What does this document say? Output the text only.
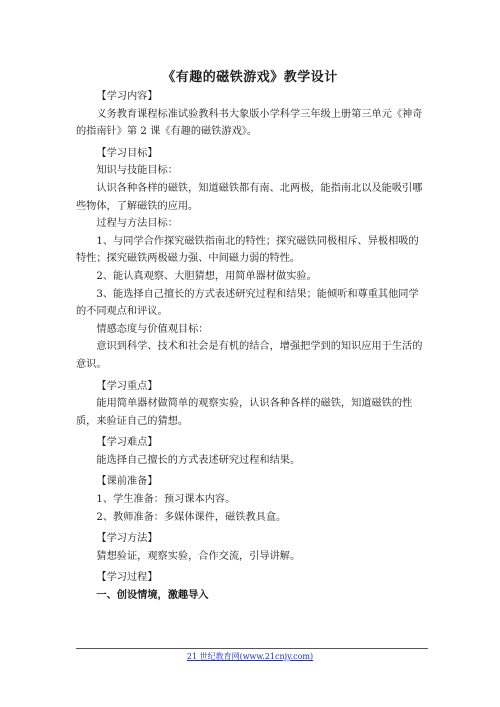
《有趣的磁铁游戏》教学设计

【学习内容】

义务教育课程标准试验教科书大象版小学科学三年级上册第三单元《神奇的指南针》第 2 课《有趣的磁铁游戏》。

【学习目标】

知识与技能目标：

认识各种各样的磁铁，知道磁铁都有南、北两极，能指南北以及能吸引哪些物体，了解磁铁的应用。

过程与方法目标：

1、与同学合作探究磁铁指南北的特性；探究磁铁同极相斥、异极相吸的特性；探究磁铁两极磁力强、中间磁力弱的特性。

2、能认真观察、大胆猜想，用简单器材做实验。

3、能选择自己擅长的方式表述研究过程和结果；能倾听和尊重其他同学的不同观点和评议。

情感态度与价值观目标：

意识到科学、技术和社会是有机的结合，增强把学到的知识应用于生活的意识。

【学习重点】

能用简单器材做简单的观察实验，认识各种各样的磁铁，知道磁铁的性质，来验证自己的猜想。

【学习难点】

能选择自己擅长的方式表述研究过程和结果。

【课前准备】

1、学生准备：预习课本内容。

2、教师准备：多媒体课件，磁铁教具盒。

【学习方法】

猜想验证，观察实验，合作交流，引导讲解。

【学习过程】

一、创设情境，激趣导入

21 世纪教育网(www.21cnjy.com)
